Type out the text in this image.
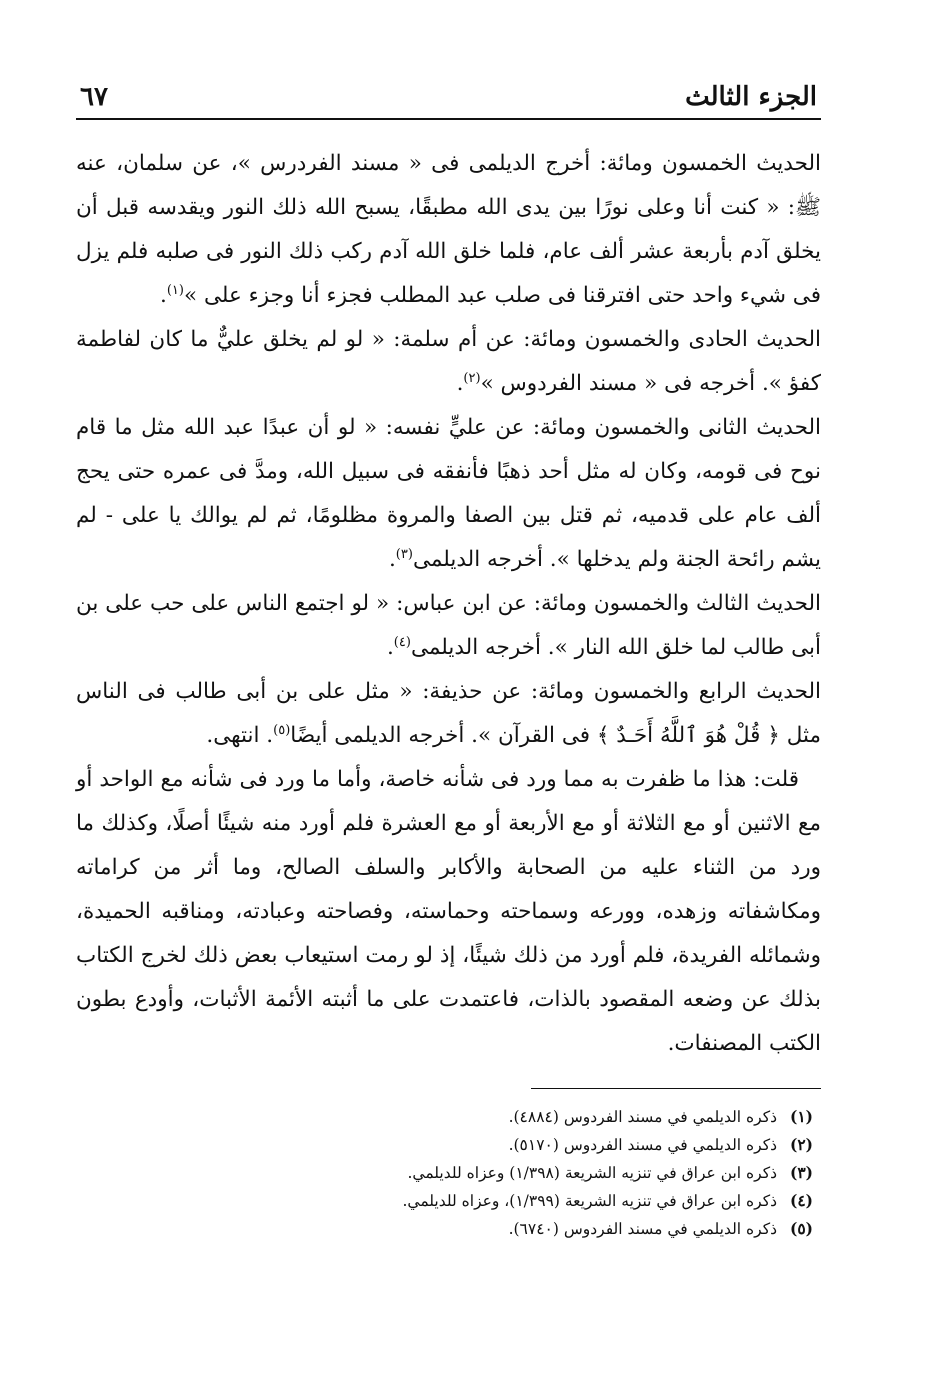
الجزء الثالث
٦٧

الحديث الخمسون ومائة: أخرج الديلمى فى « مسند الفردرس »، عن سلمان، عنه ﷺ: « كنت أنا وعلى نورًا بين يدى الله مطبقًا، يسبح الله ذلك النور ويقدسه قبل أن يخلق آدم بأربعة عشر ألف عام، فلما خلق الله آدم ركب ذلك النور فى صلبه فلم يزل فى شيء واحد حتى افترقنا فى صلب عبد المطلب فجزء أنا وجزء على »$^{(١)}$.

الحديث الحادى والخمسون ومائة: عن أم سلمة: « لو لم يخلق عليٌّ ما كان لفاطمة كفؤ ». أخرجه فى « مسند الفردوس »$^{(٢)}$.

الحديث الثانى والخمسون ومائة: عن عليٍّ نفسه: « لو أن عبدًا عبد الله مثل ما قام نوح فى قومه، وكان له مثل أحد ذهبًا فأنفقه فى سبيل الله، ومدَّ فى عمره حتى يحج ألف عام على قدميه، ثم قتل بين الصفا والمروة مظلومًا، ثم لم يوالك يا على - لم يشم رائحة الجنة ولم يدخلها ». أخرجه الديلمى$^{(٣)}$.

الحديث الثالث والخمسون ومائة: عن ابن عباس: « لو اجتمع الناس على حب على بن أبى طالب لما خلق الله النار ». أخرجه الديلمى$^{(٤)}$.

الحديث الرابع والخمسون ومائة: عن حذيفة: « مثل على بن أبى طالب فى الناس مثل ﴿ قُلْ هُوَ ٱللَّهُ أَحَـدٌ ﴾ فى القرآن ». أخرجه الديلمى أيضًا$^{(٥)}$. انتهى.

قلت: هذا ما ظفرت به مما ورد فى شأنه خاصة، وأما ما ورد فى شأنه مع الواحد أو مع الاثنين أو مع الثلاثة أو مع الأربعة أو مع العشرة فلم أورد منه شيئًا أصلًا، وكذلك ما ورد من الثناء عليه من الصحابة والأكابر والسلف الصالح، وما أثر من كراماته ومكاشفاته وزهده، وورعه وسماحته وحماسته، وفصاحته وعبادته، ومناقبه الحميدة، وشمائله الفريدة، فلم أورد من ذلك شيئًا، إذ لو رمت استيعاب بعض ذلك لخرج الكتاب بذلك عن وضعه المقصود بالذات، فاعتمدت على ما أثبته الأئمة الأثبات، وأودع بطون الكتب المصنفات.

(١)
ذكره الديلمي في مسند الفردوس (٤٨٨٤).
(٢)
ذكره الديلمي في مسند الفردوس (٥١٧٠).
(٣)
ذكره ابن عراق في تنزيه الشريعة (١/٣٩٨) وعزاه للديلمي.
(٤)
ذكره ابن عراق في تنزيه الشريعة (١/٣٩٩)، وعزاه للديلمي.
(٥)
ذكره الديلمي في مسند الفردوس (٦٧٤٠).
